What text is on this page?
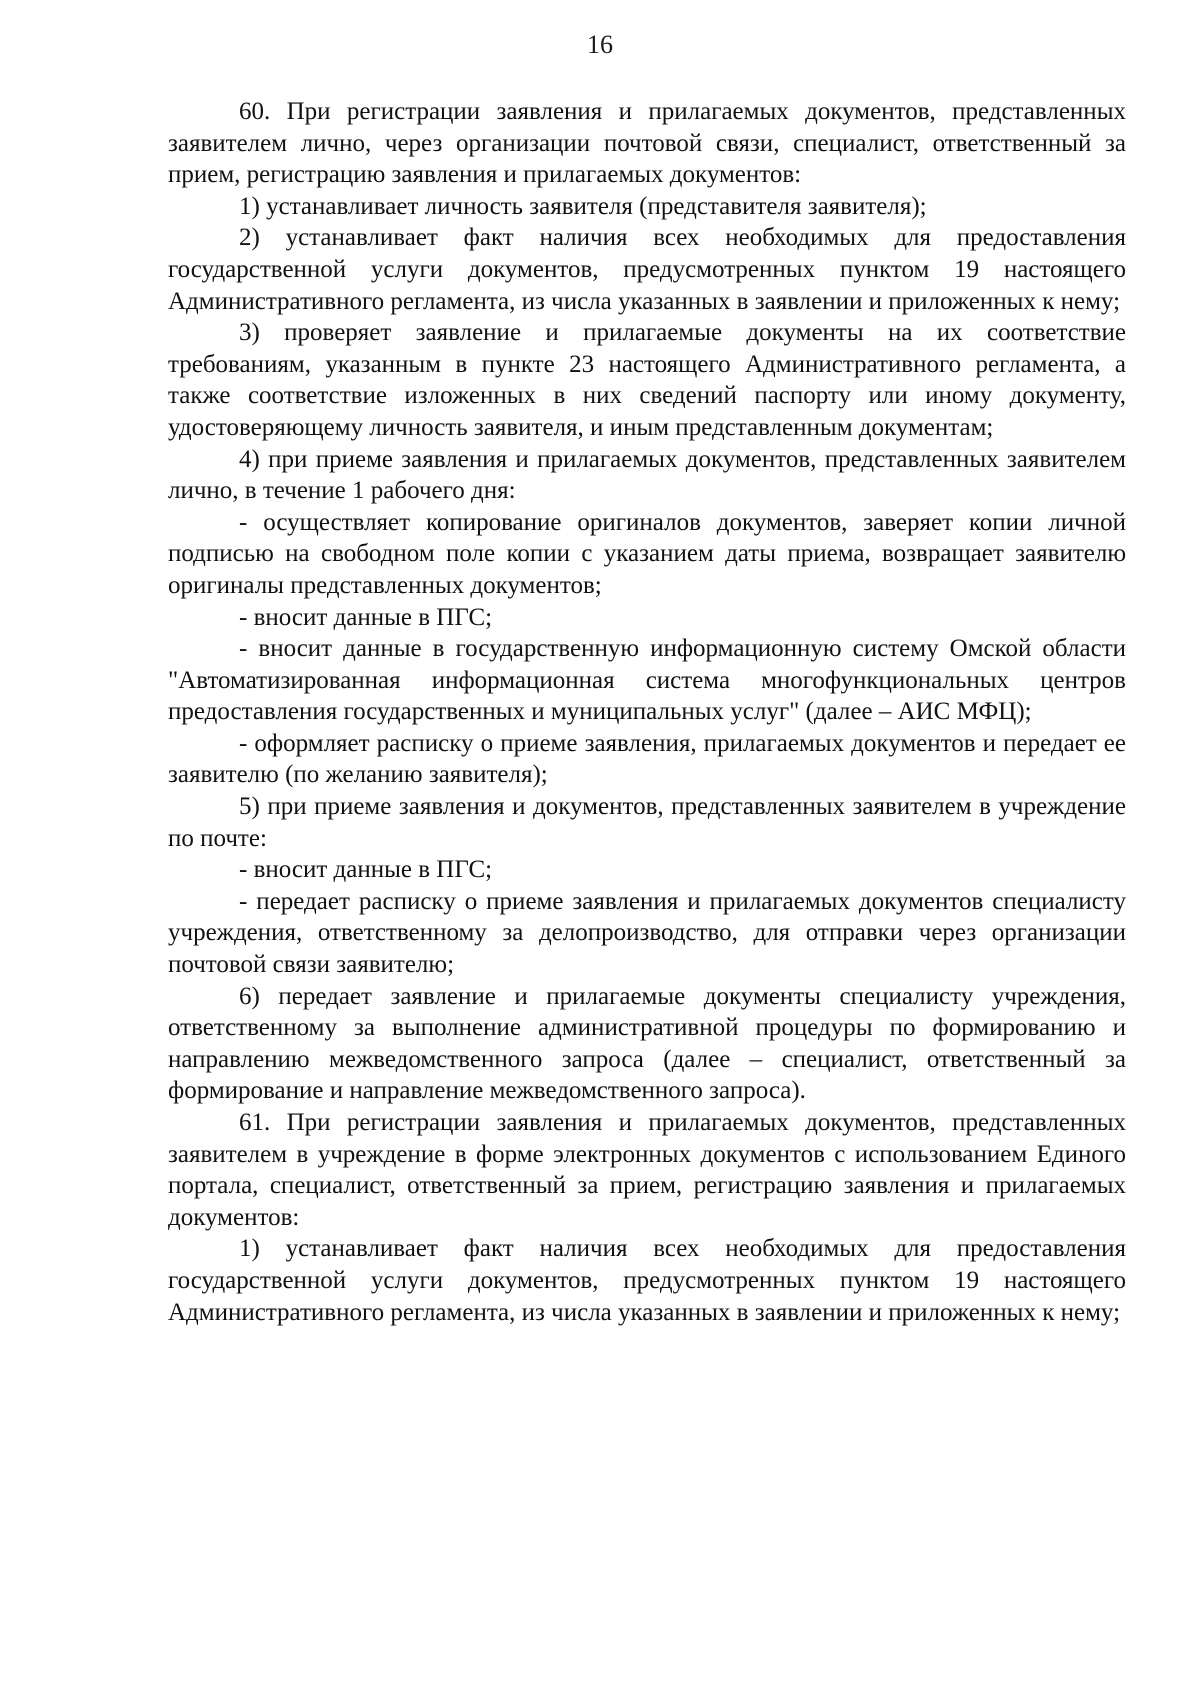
16

60. При регистрации заявления и прилагаемых документов, представленных заявителем лично, через организации почтовой связи, специалист, ответственный за прием, регистрацию заявления и прилагаемых документов:

1) устанавливает личность заявителя (представителя заявителя);

2) устанавливает факт наличия всех необходимых для предоставления государственной услуги документов, предусмотренных пунктом 19 настоящего Административного регламента, из числа указанных в заявлении и приложенных к нему;

3) проверяет заявление и прилагаемые документы на их соответствие требованиям, указанным в пункте 23 настоящего Административного регламента, а также соответствие изложенных в них сведений паспорту или иному документу, удостоверяющему личность заявителя, и иным представленным документам;

4) при приеме заявления и прилагаемых документов, представленных заявителем лично, в течение 1 рабочего дня:

- осуществляет копирование оригиналов документов, заверяет копии личной подписью на свободном поле копии с указанием даты приема, возвращает заявителю оригиналы представленных документов;

- вносит данные в ПГС;

- вносит данные в государственную информационную систему Омской области "Автоматизированная информационная система многофункциональных центров предоставления государственных и муниципальных услуг" (далее – АИС МФЦ);

- оформляет расписку о приеме заявления, прилагаемых документов и передает ее заявителю (по желанию заявителя);

5) при приеме заявления и документов, представленных заявителем в учреждение по почте:

- вносит данные в ПГС;

- передает расписку о приеме заявления и прилагаемых документов специалисту учреждения, ответственному за делопроизводство, для отправки через организации почтовой связи заявителю;

6) передает заявление и прилагаемые документы специалисту учреждения, ответственному за выполнение административной процедуры по формированию и направлению межведомственного запроса (далее – специалист, ответственный за формирование и направление межведомственного запроса).

61. При регистрации заявления и прилагаемых документов, представленных заявителем в учреждение в форме электронных документов с использованием Единого портала, специалист, ответственный за прием, регистрацию заявления и прилагаемых документов:

1) устанавливает факт наличия всех необходимых для предоставления государственной услуги документов, предусмотренных пунктом 19 настоящего Административного регламента, из числа указанных в заявлении и приложенных к нему;
